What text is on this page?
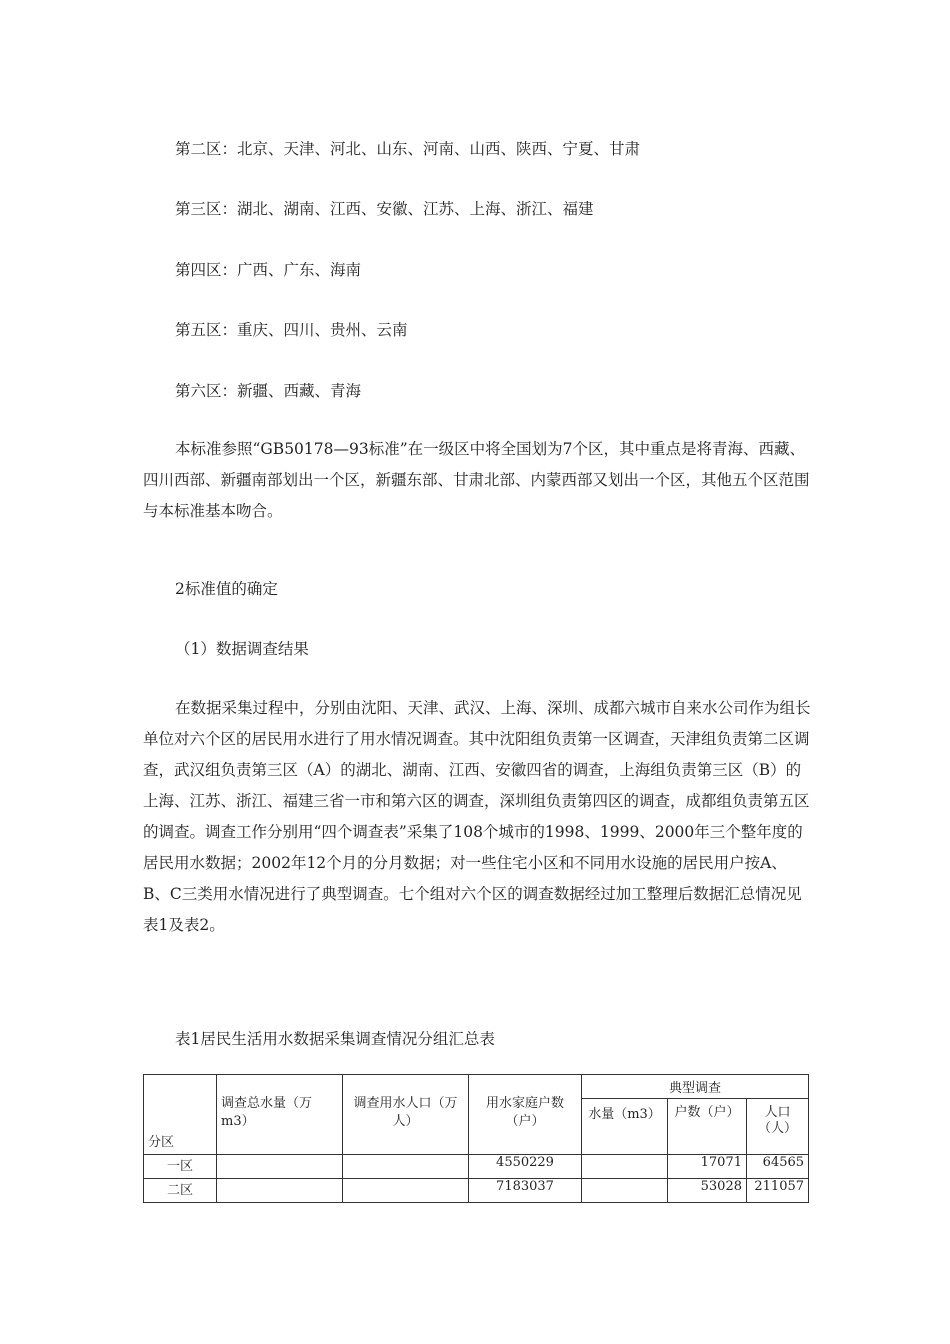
第二区：北京、天津、河北、山东、河南、山西、陕西、宁夏、甘肃
第三区：湖北、湖南、江西、安徽、江苏、上海、浙江、福建
第四区：广西、广东、海南
第五区：重庆、四川、贵州、云南
第六区：新疆、西藏、青海
本标准参照“GB50178—93标准”在一级区中将全国划为7个区，其中重点是将青海、西藏、四川西部、新疆南部划出一个区，新疆东部、甘肃北部、内蒙西部又划出一个区，其他五个区范围与本标准基本吻合。
2标准值的确定
（1）数据调查结果
在数据采集过程中，分别由沈阳、天津、武汉、上海、深圳、成都六城市自来水公司作为组长单位对六个区的居民用水进行了用水情况调查。其中沈阳组负责第一区调查，天津组负责第二区调查，武汉组负责第三区（A）的湖北、湖南、江西、安徽四省的调查，上海组负责第三区（B）的上海、江苏、浙江、福建三省一市和第六区的调查，深圳组负责第四区的调查，成都组负责第五区的调查。调查工作分别用“四个调查表”采集了108个城市的1998、1999、2000年三个整年度的居民用水数据；2002年12个月的分月数据；对一些住宅小区和不同用水设施的居民用户按A、B、C三类用水情况进行了典型调查。七个组对六个区的调查数据经过加工整理后数据汇总情况见表1及表2。
表1居民生活用水数据采集调查情况分组汇总表
分区	调查总水量（万m3）	调查用水人口（万人）	用水家庭户数（户）	典型调查		
				水量（m3）	户数（户）	人口（人）
一区			4550229		17071	64565
二区			7183037		53028	211057
